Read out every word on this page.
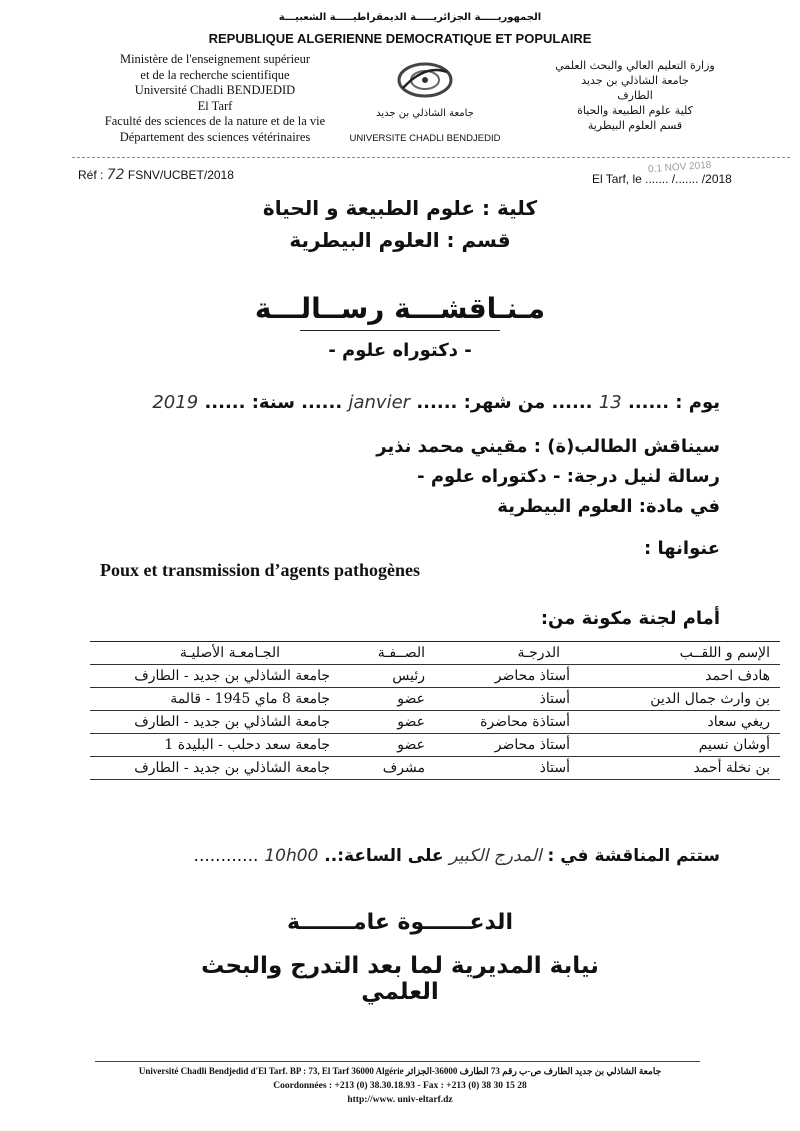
الجمهوريـــــة الجزائريـــــة الديمقراطيـــــة الشعبيـــة
REPUBLIQUE ALGERIENNE DEMOCRATIQUE ET POPULAIRE
Ministère de l'enseignement supérieur
et de la recherche scientifique
Université Chadli BENDJEDID
El Tarf
Faculté des sciences de la nature et de la vie
Département des sciences vétérinaires
وزارة التعليم العالي والبحث العلمي
جامعة الشاذلي بن جديد
الطارف
كلية علوم الطبيعة والحياة
قسم العلوم البيطرية
جامعة الشاذلي بن جديد
UNIVERSITE CHADLI BENDJEDID
Réf : 72 FSNV/UCBET/2018	El Tarf, le ....... /....... /2018
0.1 NOV 2018
كلية : علوم الطبيعة و الحياة
قسم : العلوم البيطرية
مـنـاقشـــة رســالـــة
- دكتوراه علوم -
يوم : ...... 13 ...... من شهر: ...... janvier ...... سنة: ...... 2019
سيناقش الطالب(ة) : مقيني محمد نذير
رسالة لنيل درجة: - دكتوراه علوم -
في مادة: العلوم البيطرية
عنوانها :
Poux et transmission d’agents pathogènes
أمام لجنة مكونة من:
الإسم و اللقــب
الدرجـة
الصــفـة
الجـامعـة الأصليـة
هادف احمد
أستاذ محاضر
رئيس
جامعة الشاذلي بن جديد - الطارف
بن وارث جمال الدين
أستاذ
عضو
جامعة 8 ماي 1945 - قالمة
ريغي سعاد
أستاذة محاضرة
عضو
جامعة الشاذلي بن جديد - الطارف
أوشان نسيم
أستاذ محاضر
عضو
جامعة سعد دحلب - البليدة 1
بن نخلة أحمد
أستاذ
مشرف
جامعة الشاذلي بن جديد - الطارف
ستتم المناقشة في : المدرج الكبير على الساعة:.. 10h00 ............
الدعــــــوة عامـــــــة
نيابة المديرية لما بعد التدرج والبحث العلمي
Université Chadli Bendjedid d'El Tarf. BP : 73, El Tarf 36000 Algérie جامعة الشاذلي بن جديد الطارف ص-ب رقم 73 الطارف 36000-الجزائر
Coordonnées : +213 (0) 38.30.18.93 - Fax : +213 (0) 38 30 15 28
http://www. univ-eltarf.dz
